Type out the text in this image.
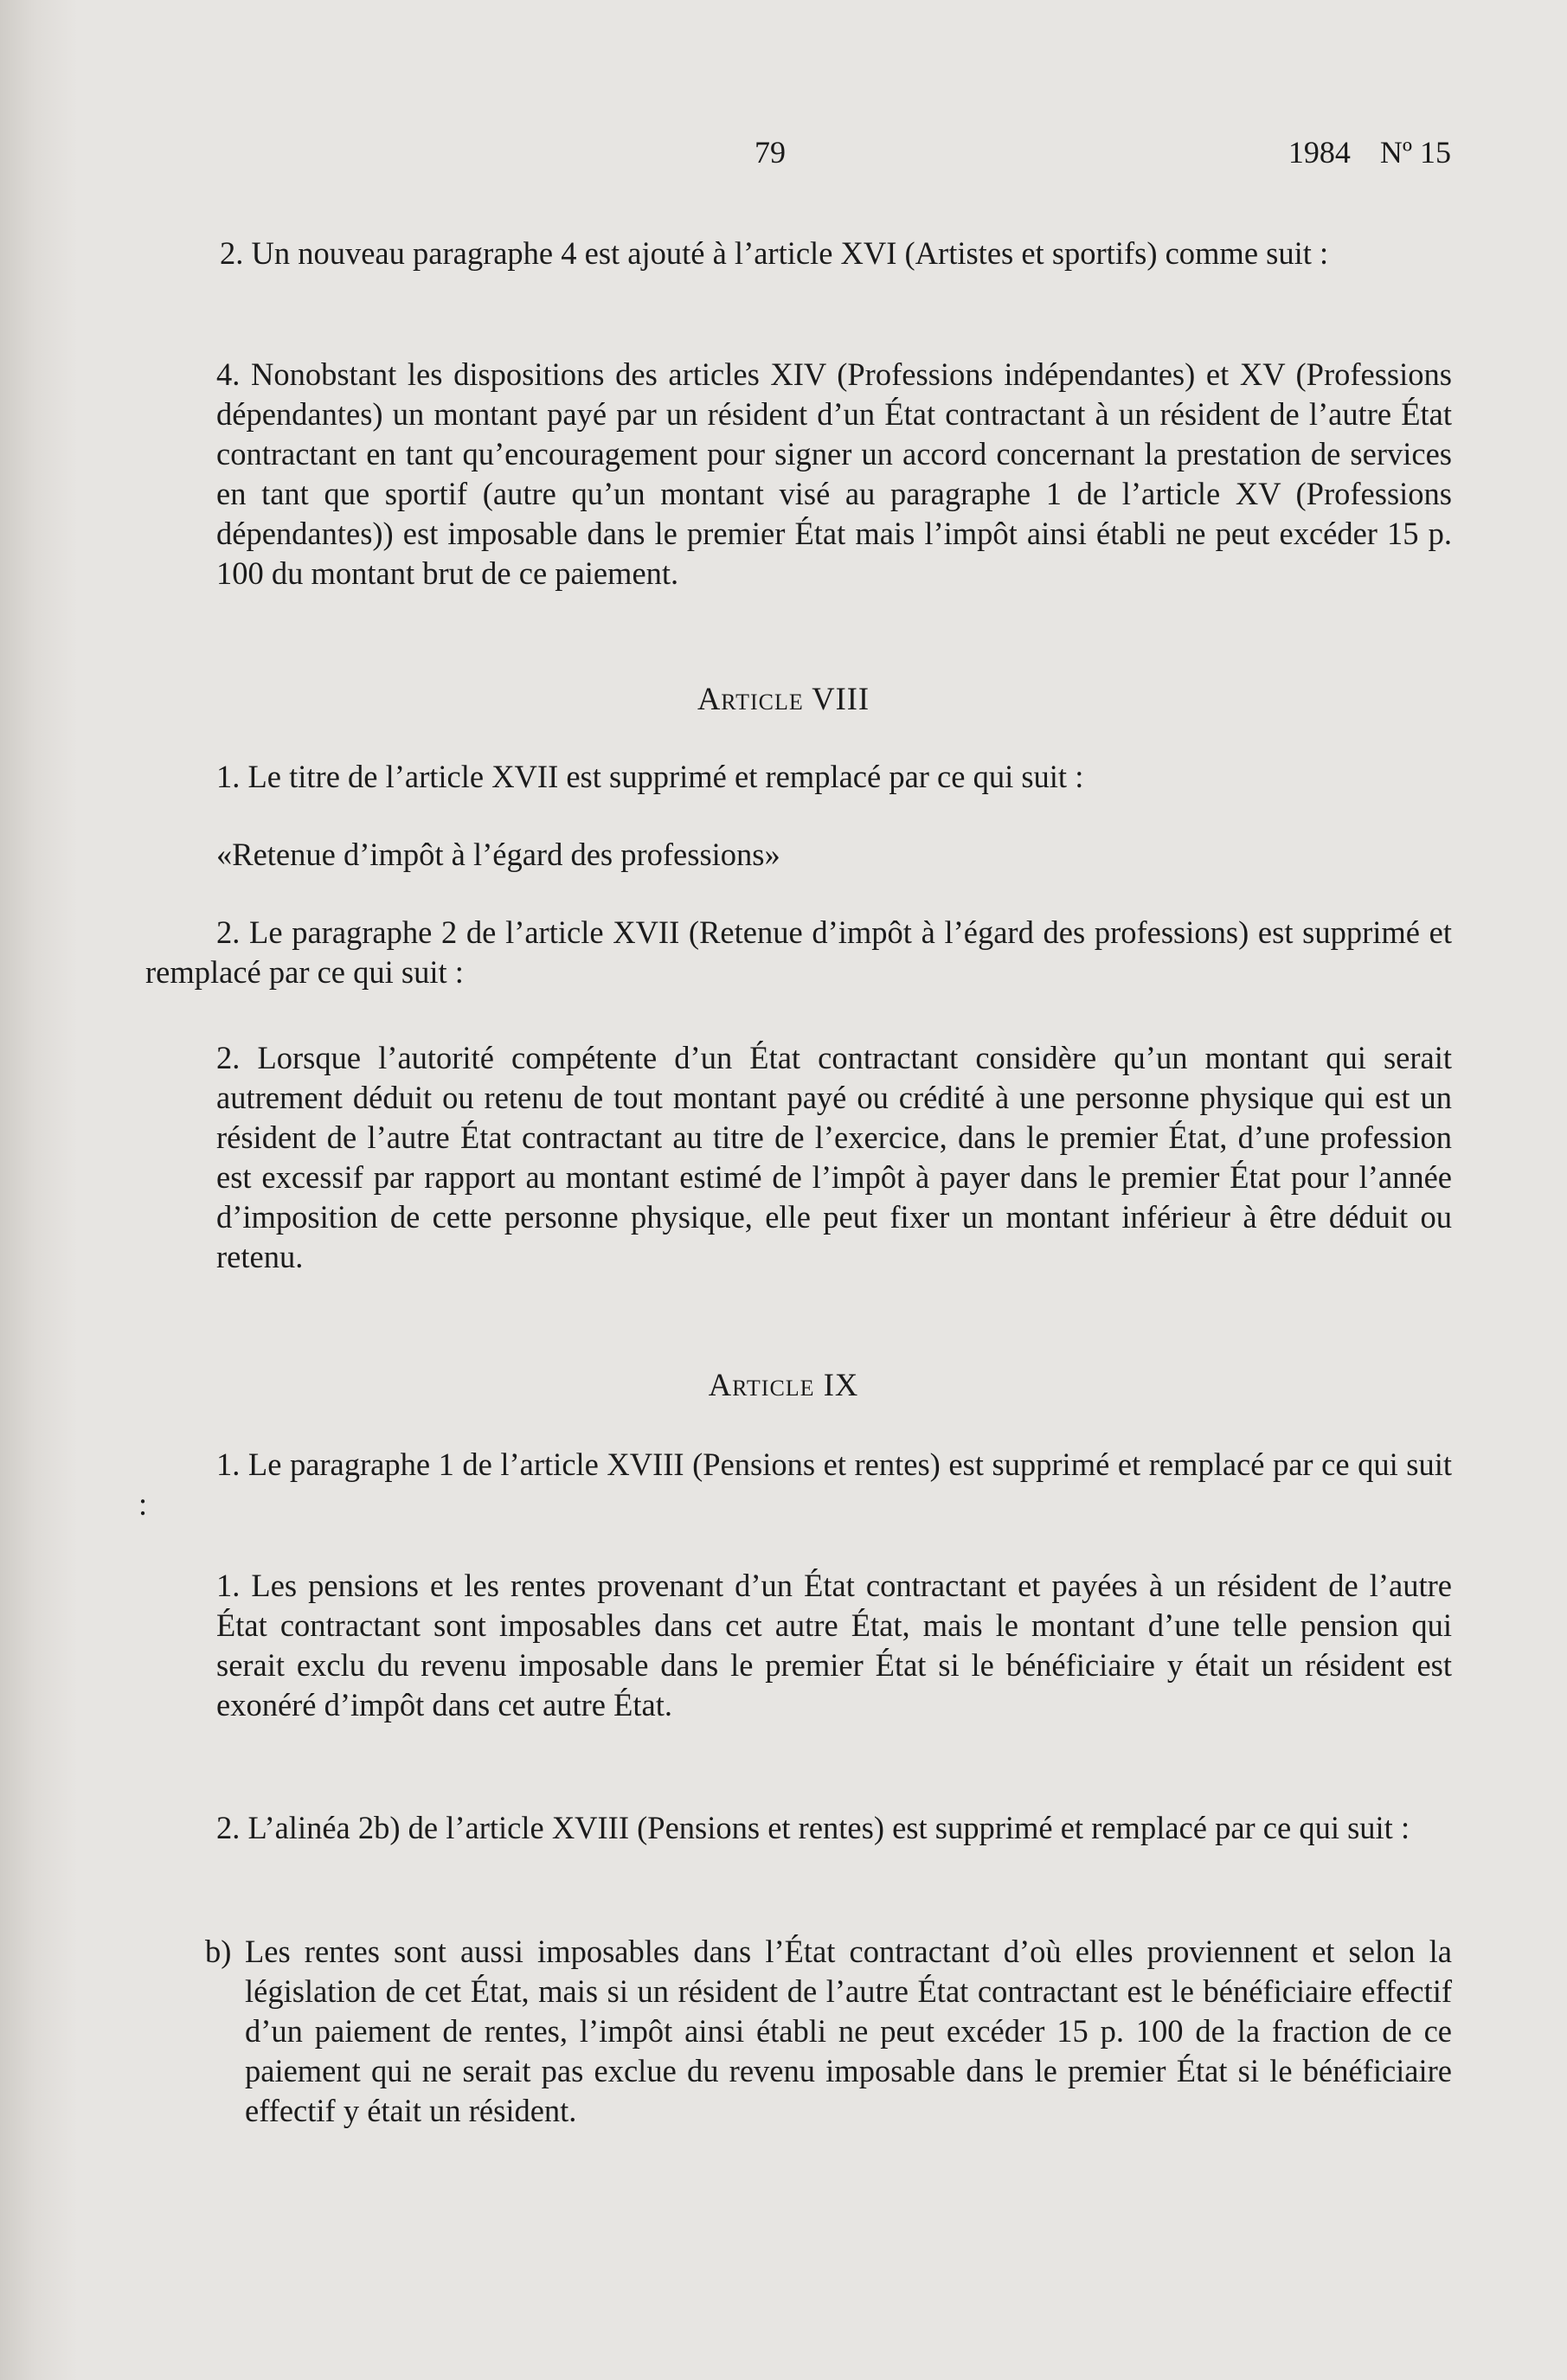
79	1984 Nº 15

2. Un nouveau paragraphe 4 est ajouté à l’article XVI (Artistes et sportifs) comme suit :

4. Nonobstant les dispositions des articles XIV (Professions indépendantes) et XV (Professions dépendantes) un montant payé par un résident d’un État contractant à un résident de l’autre État contractant en tant qu’encouragement pour signer un accord concernant la prestation de services en tant que sportif (autre qu’un montant visé au paragraphe 1 de l’article XV (Professions dépendantes)) est imposable dans le premier État mais l’impôt ainsi établi ne peut excéder 15 p. 100 du montant brut de ce paiement.

Article VIII

1. Le titre de l’article XVII est supprimé et remplacé par ce qui suit :

«Retenue d’impôt à l’égard des professions»

2. Le paragraphe 2 de l’article XVII (Retenue d’impôt à l’égard des professions) est supprimé et remplacé par ce qui suit :

2. Lorsque l’autorité compétente d’un État contractant considère qu’un montant qui serait autrement déduit ou retenu de tout montant payé ou crédité à une personne physique qui est un résident de l’autre État contractant au titre de l’exercice, dans le premier État, d’une profession est excessif par rapport au montant estimé de l’impôt à payer dans le premier État pour l’année d’imposition de cette personne physique, elle peut fixer un montant inférieur à être déduit ou retenu.

Article IX

1. Le paragraphe 1 de l’article XVIII (Pensions et rentes) est supprimé et remplacé par ce qui suit :

1. Les pensions et les rentes provenant d’un État contractant et payées à un résident de l’autre État contractant sont imposables dans cet autre État, mais le montant d’une telle pension qui serait exclu du revenu imposable dans le premier État si le bénéficiaire y était un résident est exonéré d’impôt dans cet autre État.

2. L’alinéa 2b) de l’article XVIII (Pensions et rentes) est supprimé et remplacé par ce qui suit :

b) Les rentes sont aussi imposables dans l’État contractant d’où elles proviennent et selon la législation de cet État, mais si un résident de l’autre État contractant est le bénéficiaire effectif d’un paiement de rentes, l’impôt ainsi établi ne peut excéder 15 p. 100 de la fraction de ce paiement qui ne serait pas exclue du revenu imposable dans le premier État si le bénéficiaire effectif y était un résident.
